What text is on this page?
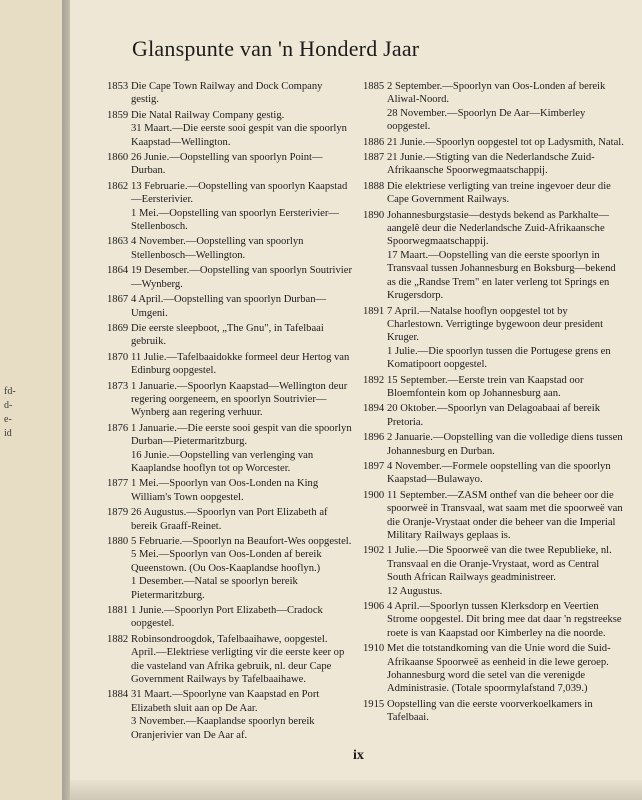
fd-
d-
e-
id
Glanspunte van 'n Honderd Jaar
1853 Die Cape Town Railway and Dock Company gestig.

1859 Die Natal Railway Company gestig.

31 Maart.—Die eerste sooi gespit van die spoorlyn Kaapstad—Wellington.

1860 26 Junie.—Oopstelling van spoorlyn Point—Durban.

1862 13 Februarie.—Oopstelling van spoorlyn Kaapstad—Eersterivier.

1 Mei.—Oopstelling van spoorlyn Eersterivier—Stellenbosch.

1863 4 November.—Oopstelling van spoorlyn Stellenbosch—Wellington.

1864 19 Desember.—Oopstelling van spoorlyn Soutrivier—Wynberg.

1867 4 April.—Oopstelling van spoorlyn Durban—Umgeni.

1869 Die eerste sleepboot, „The Gnu", in Tafelbaai gebruik.

1870 11 Julie.—Tafelbaaidokke formeel deur Hertog van Edinburg oopgestel.

1873 1 Januarie.—Spoorlyn Kaapstad—Wellington deur regering oorgeneem, en spoorlyn Soutrivier—Wynberg aan regering verhuur.

1876 1 Januarie.—Die eerste sooi gespit van die spoorlyn Durban—Pietermaritzburg.

16 Junie.—Oopstelling van verlenging van Kaaplandse hooflyn tot op Worcester.

1877 1 Mei.—Spoorlyn van Oos-Londen na King William's Town oopgestel.

1879 26 Augustus.—Spoorlyn van Port Elizabeth af bereik Graaff-Reinet.

1880 5 Februarie.—Spoorlyn na Beaufort-Wes oopgestel.

5 Mei.—Spoorlyn van Oos-Londen af bereik Queenstown. (Ou Oos-Kaaplandse hooflyn.)

1 Desember.—Natal se spoorlyn bereik Pietermaritzburg.

1881 1 Junie.—Spoorlyn Port Elizabeth—Cradock oopgestel.

1882 Robinsondroogdok, Tafelbaaihawe, oopgestel.

April.—Elektriese verligting vir die eerste keer op die vasteland van Afrika gebruik, nl. deur Cape Government Railways by Tafelbaaihawe.

1884 31 Maart.—Spoorlyne van Kaapstad en Port Elizabeth sluit aan op De Aar.

3 November.—Kaaplandse spoorlyn bereik Oranjerivier van De Aar af.

1885 2 September.—Spoorlyn van Oos-Londen af bereik Aliwal-Noord.

28 November.—Spoorlyn De Aar—Kimberley oopgestel.

1886 21 Junie.—Spoorlyn oopgestel tot op Ladysmith, Natal.

1887 21 Junie.—Stigting van die Nederlandsche Zuid-Afrikaansche Spoorwegmaatschappij.

1888 Die elektriese verligting van treine ingevoer deur die Cape Government Railways.

1890 Johannesburgstasie—destyds bekend as Parkhalte—aangelê deur die Nederlandsche Zuid-Afrikaansche Spoorwegmaatschappij.

17 Maart.—Oopstelling van die eerste spoorlyn in Transvaal tussen Johannesburg en Boksburg—bekend as die „Randse Trem" en later verleng tot Springs en Krugersdorp.

1891 7 April.—Natalse hooflyn oopgestel tot by Charlestown. Verrigtinge bygewoon deur president Kruger.

1 Julie.—Die spoorlyn tussen die Portugese grens en Komatipoort oopgestel.

1892 15 September.—Eerste trein van Kaapstad oor Bloemfontein kom op Johannesburg aan.

1894 20 Oktober.—Spoorlyn van Delagoabaai af bereik Pretoria.

1896 2 Januarie.—Oopstelling van die volledige diens tussen Johannesburg en Durban.

1897 4 November.—Formele oopstelling van die spoorlyn Kaapstad—Bulawayo.

1900 11 September.—ZASM onthef van die beheer oor die spoorweë in Transvaal, wat saam met die spoorweë van die Oranje-Vrystaat onder die beheer van die Imperial Military Railways geplaas is.

1902 1 Julie.—Die Spoorweë van die twee Republieke, nl. Transvaal en die Oranje-Vrystaat, word as Central South African Railways geadministreer.

12 Augustus.

1906 4 April.—Spoorlyn tussen Klerksdorp en Veertien Strome oopgestel. Dit bring mee dat daar 'n regstreekse roete is van Kaapstad oor Kimberley na die noorde.

1910 Met die totstandkoming van die Unie word die Suid-Afrikaanse Spoorweë as eenheid in die lewe geroep. Johannesburg word die setel van die verenigde Administrasie. (Totale spoormylafstand 7,039.)

1915 Oopstelling van die eerste voorverkoelkamers in Tafelbaai.

ix
